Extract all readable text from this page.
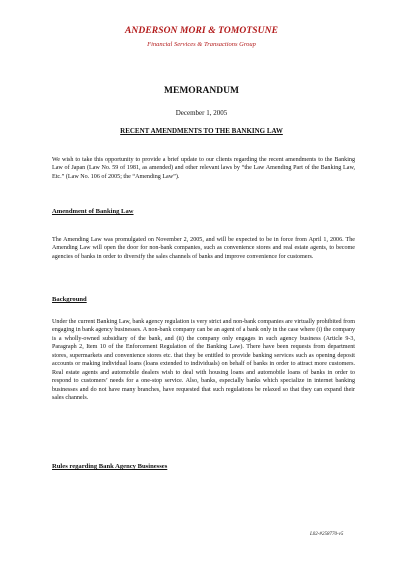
ANDERSON MORI & TOMOTSUNE
Financial Services & Transactions Group
MEMORANDUM
December 1, 2005
RECENT AMENDMENTS TO THE BANKING LAW

We wish to take this opportunity to provide a brief update to our clients regarding the recent amendments to the Banking Law of Japan (Law No. 59 of 1981, as amended) and other relevant laws by “the Law Amending Part of the Banking Law, Etc.” (Law No. 106 of 2005; the “Amending Law”).

Amendment of Banking Law

The Amending Law was promulgated on November 2, 2005, and will be expected to be in force from April 1, 2006. The Amending Law will open the door for non-bank companies, such as convenience stores and real estate agents, to become agencies of banks in order to diversify the sales channels of banks and improve convenience for customers.

Background

Under the current Banking Law, bank agency regulation is very strict and non-bank companies are virtually prohibited from engaging in bank agency businesses. A non-bank company can be an agent of a bank only in the case where (i) the company is a wholly-owned subsidiary of the bank, and (ii) the company only engages in such agency business (Article 9-3, Paragraph 2, Item 10 of the Enforcement Regulation of the Banking Law). There have been requests from department stores, supermarkets and convenience stores etc. that they be entitled to provide banking services such as opening deposit accounts or making individual loans (loans extended to individuals) on behalf of banks in order to attract more customers. Real estate agents and automobile dealers wish to deal with housing loans and automobile loans of banks in order to respond to customers’ needs for a one-stop service. Also, banks, especially banks which specialize in internet banking businesses and do not have many branches, have requested that such regulations be relaxed so that they can expand their sales channels.

Rules regarding Bank Agency Businesses
L02-#258770-v5
